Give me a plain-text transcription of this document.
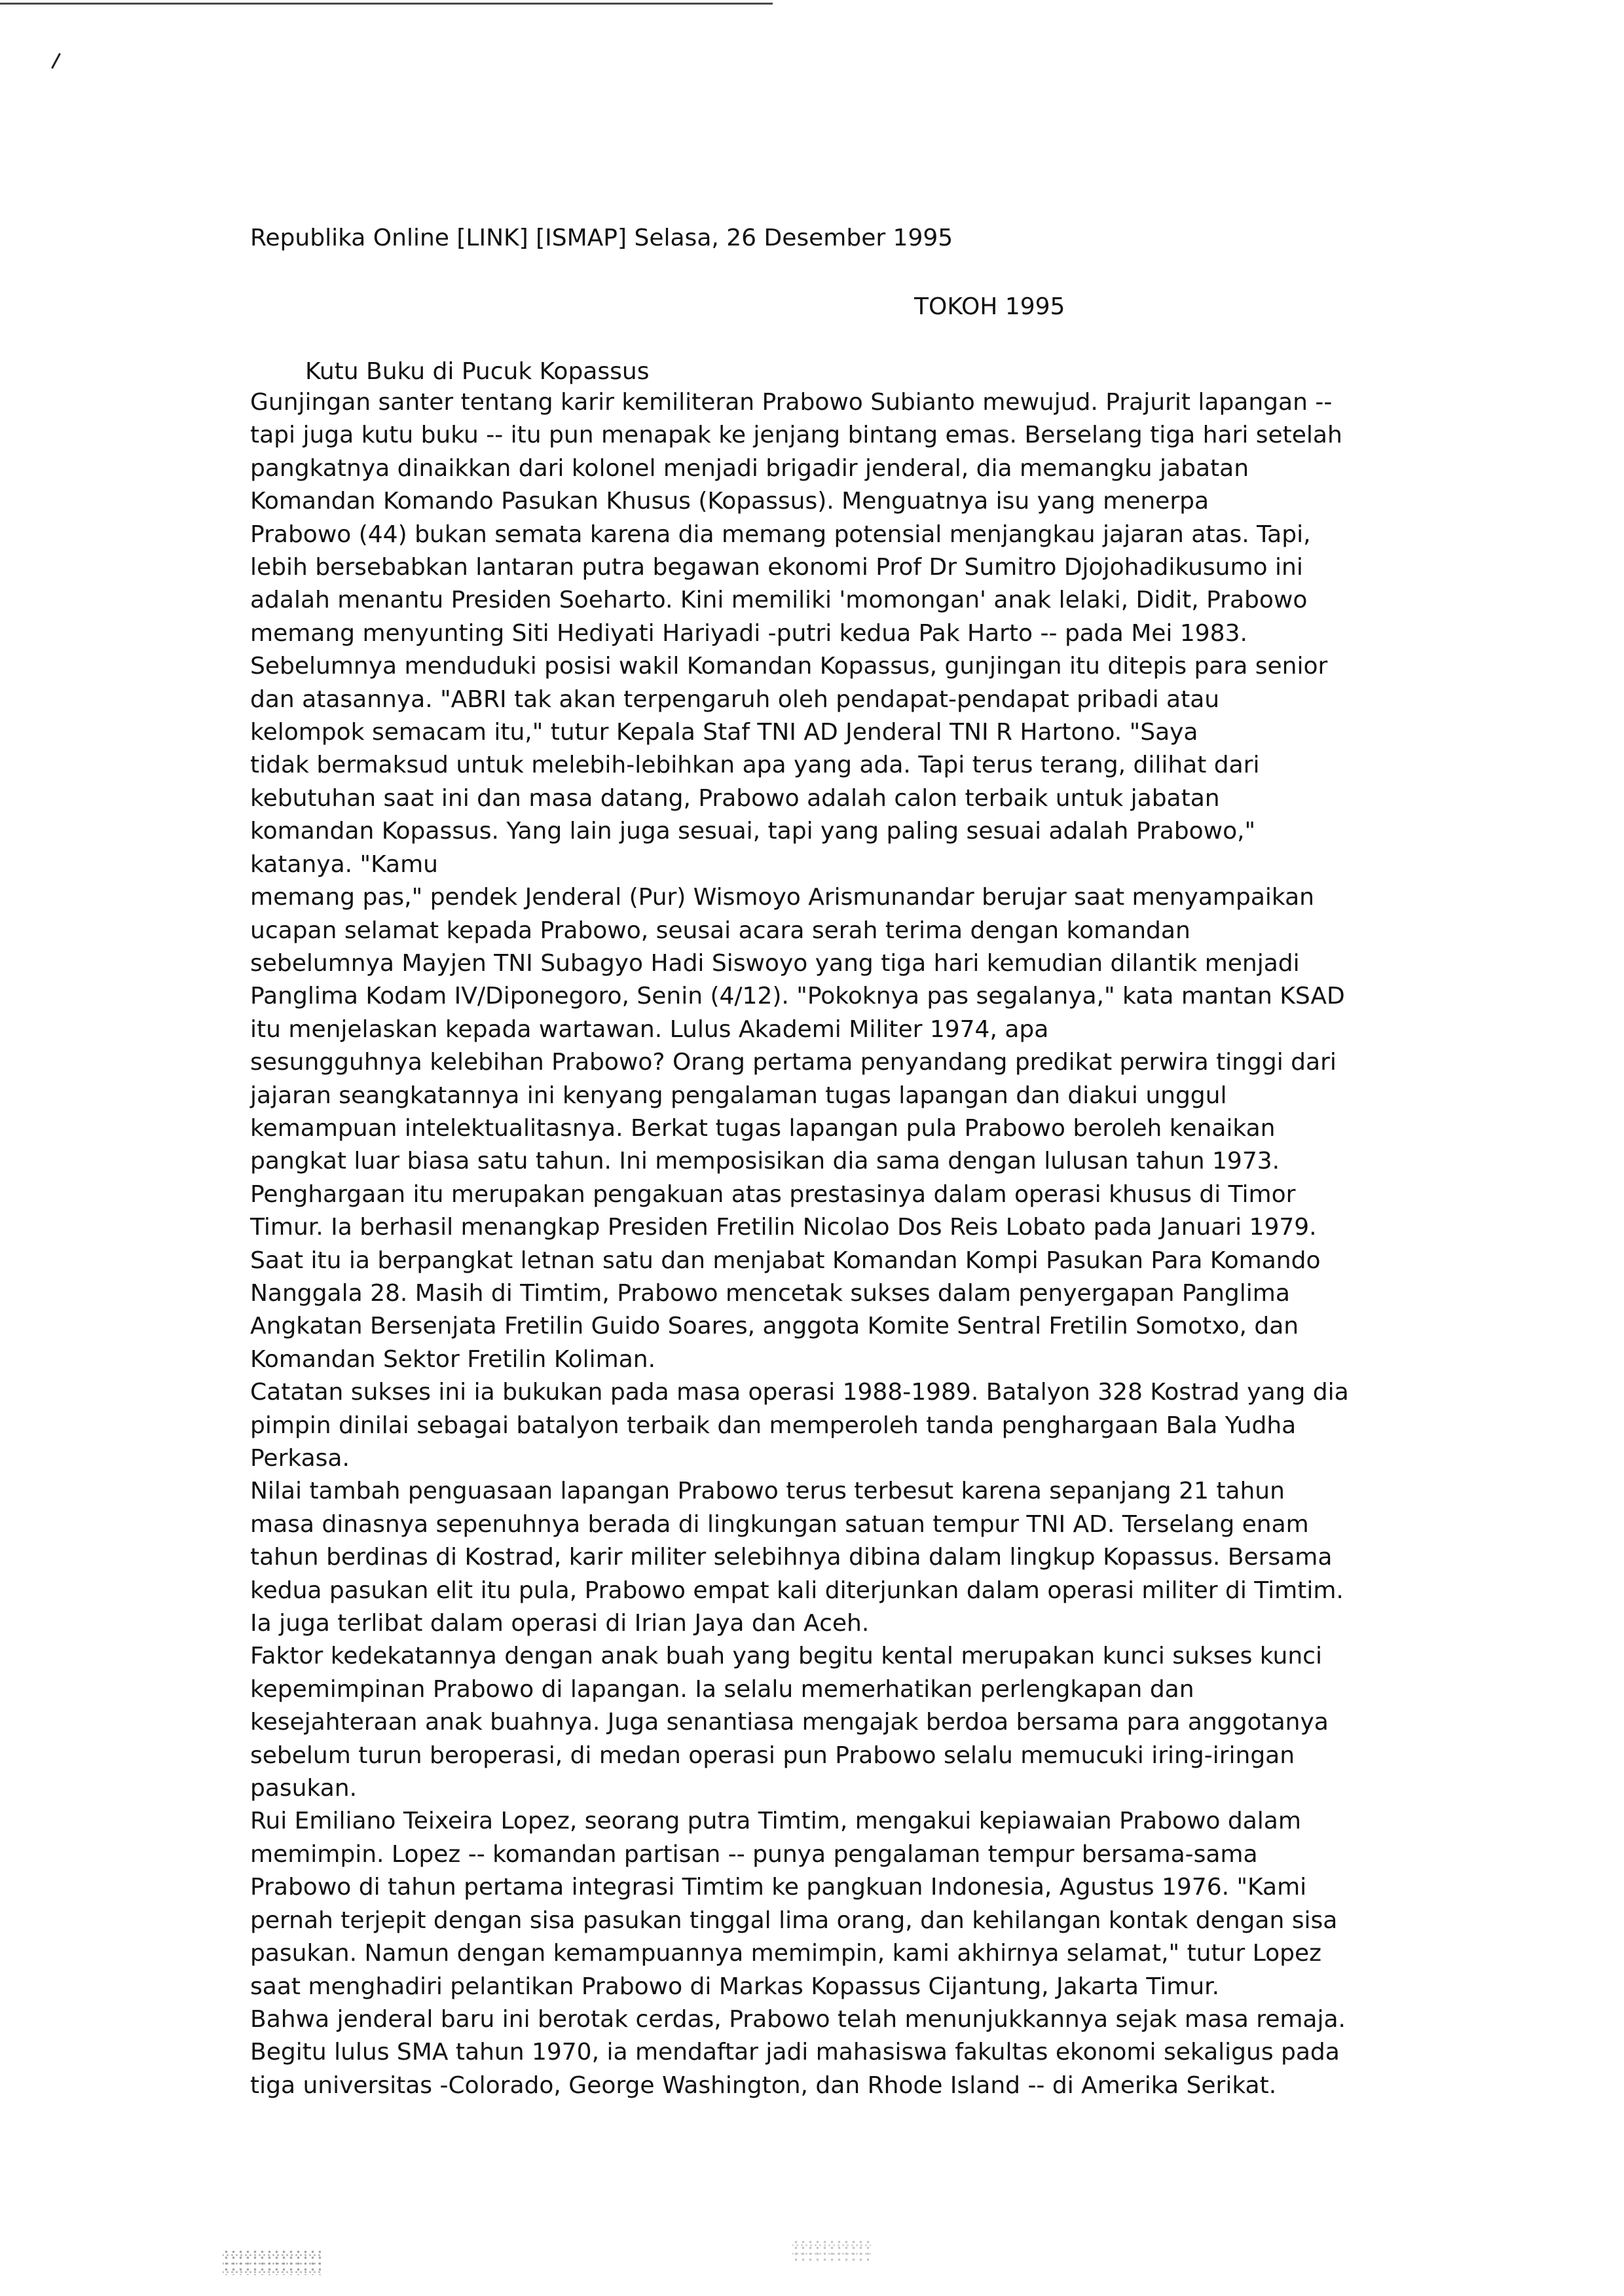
Republika Online [LINK] [ISMAP] Selasa, 26 Desember 1995
TOKOH 1995
Kutu Buku di Pucuk Kopassus

Gunjingan santer tentang karir kemiliteran Prabowo Subianto mewujud. Prajurit lapangan --
tapi juga kutu buku -- itu pun menapak ke jenjang bintang emas. Berselang tiga hari setelah
pangkatnya dinaikkan dari kolonel menjadi brigadir jenderal, dia memangku jabatan
Komandan Komando Pasukan Khusus (Kopassus). Menguatnya isu yang menerpa
Prabowo (44) bukan semata karena dia memang potensial menjangkau jajaran atas. Tapi,
lebih bersebabkan lantaran putra begawan ekonomi Prof Dr Sumitro Djojohadikusumo ini
adalah menantu Presiden Soeharto. Kini memiliki 'momongan' anak lelaki, Didit, Prabowo
memang menyunting Siti Hediyati Hariyadi -putri kedua Pak Harto -- pada Mei 1983.
Sebelumnya menduduki posisi wakil Komandan Kopassus, gunjingan itu ditepis para senior
dan atasannya. "ABRI tak akan terpengaruh oleh pendapat-pendapat pribadi atau
kelompok semacam itu," tutur Kepala Staf TNI AD Jenderal TNI R Hartono. "Saya
tidak bermaksud untuk melebih-lebihkan apa yang ada. Tapi terus terang, dilihat dari
kebutuhan saat ini dan masa datang, Prabowo adalah calon terbaik untuk jabatan
komandan Kopassus. Yang lain juga sesuai, tapi yang paling sesuai adalah Prabowo,"
katanya. "Kamu
memang pas," pendek Jenderal (Pur) Wismoyo Arismunandar berujar saat menyampaikan
ucapan selamat kepada Prabowo, seusai acara serah terima dengan komandan
sebelumnya Mayjen TNI Subagyo Hadi Siswoyo yang tiga hari kemudian dilantik menjadi
Panglima Kodam IV/Diponegoro, Senin (4/12). "Pokoknya pas segalanya," kata mantan KSAD
itu menjelaskan kepada wartawan. Lulus Akademi Militer 1974, apa
sesungguhnya kelebihan Prabowo? Orang pertama penyandang predikat perwira tinggi dari
jajaran seangkatannya ini kenyang pengalaman tugas lapangan dan diakui unggul
kemampuan intelektualitasnya. Berkat tugas lapangan pula Prabowo beroleh kenaikan
pangkat luar biasa satu tahun. Ini memposisikan dia sama dengan lulusan tahun 1973.
Penghargaan itu merupakan pengakuan atas prestasinya dalam operasi khusus di Timor
Timur. Ia berhasil menangkap Presiden Fretilin Nicolao Dos Reis Lobato pada Januari 1979.
Saat itu ia berpangkat letnan satu dan menjabat Komandan Kompi Pasukan Para Komando
Nanggala 28. Masih di Timtim, Prabowo mencetak sukses dalam penyergapan Panglima
Angkatan Bersenjata Fretilin Guido Soares, anggota Komite Sentral Fretilin Somotxo, dan
Komandan Sektor Fretilin Koliman.
Catatan sukses ini ia bukukan pada masa operasi 1988-1989. Batalyon 328 Kostrad yang dia
pimpin dinilai sebagai batalyon terbaik dan memperoleh tanda penghargaan Bala Yudha
Perkasa.
Nilai tambah penguasaan lapangan Prabowo terus terbesut karena sepanjang 21 tahun
masa dinasnya sepenuhnya berada di lingkungan satuan tempur TNI AD. Terselang enam
tahun berdinas di Kostrad, karir militer selebihnya dibina dalam lingkup Kopassus. Bersama
kedua pasukan elit itu pula, Prabowo empat kali diterjunkan dalam operasi militer di Timtim.
Ia juga terlibat dalam operasi di Irian Jaya dan Aceh.
Faktor kedekatannya dengan anak buah yang begitu kental merupakan kunci sukses kunci
kepemimpinan Prabowo di lapangan. Ia selalu memerhatikan perlengkapan dan
kesejahteraan anak buahnya. Juga senantiasa mengajak berdoa bersama para anggotanya
sebelum turun beroperasi, di medan operasi pun Prabowo selalu memucuki iring-iringan
pasukan.
Rui Emiliano Teixeira Lopez, seorang putra Timtim, mengakui kepiawaian Prabowo dalam
memimpin. Lopez -- komandan partisan -- punya pengalaman tempur bersama-sama
Prabowo di tahun pertama integrasi Timtim ke pangkuan Indonesia, Agustus 1976. "Kami
pernah terjepit dengan sisa pasukan tinggal lima orang, dan kehilangan kontak dengan sisa
pasukan. Namun dengan kemampuannya memimpin, kami akhirnya selamat," tutur Lopez
saat menghadiri pelantikan Prabowo di Markas Kopassus Cijantung, Jakarta Timur.
Bahwa jenderal baru ini berotak cerdas, Prabowo telah menunjukkannya sejak masa remaja.
Begitu lulus SMA tahun 1970, ia mendaftar jadi mahasiswa fakultas ekonomi sekaligus pada
tiga universitas -Colorado, George Washington, dan Rhode Island -- di Amerika Serikat.
